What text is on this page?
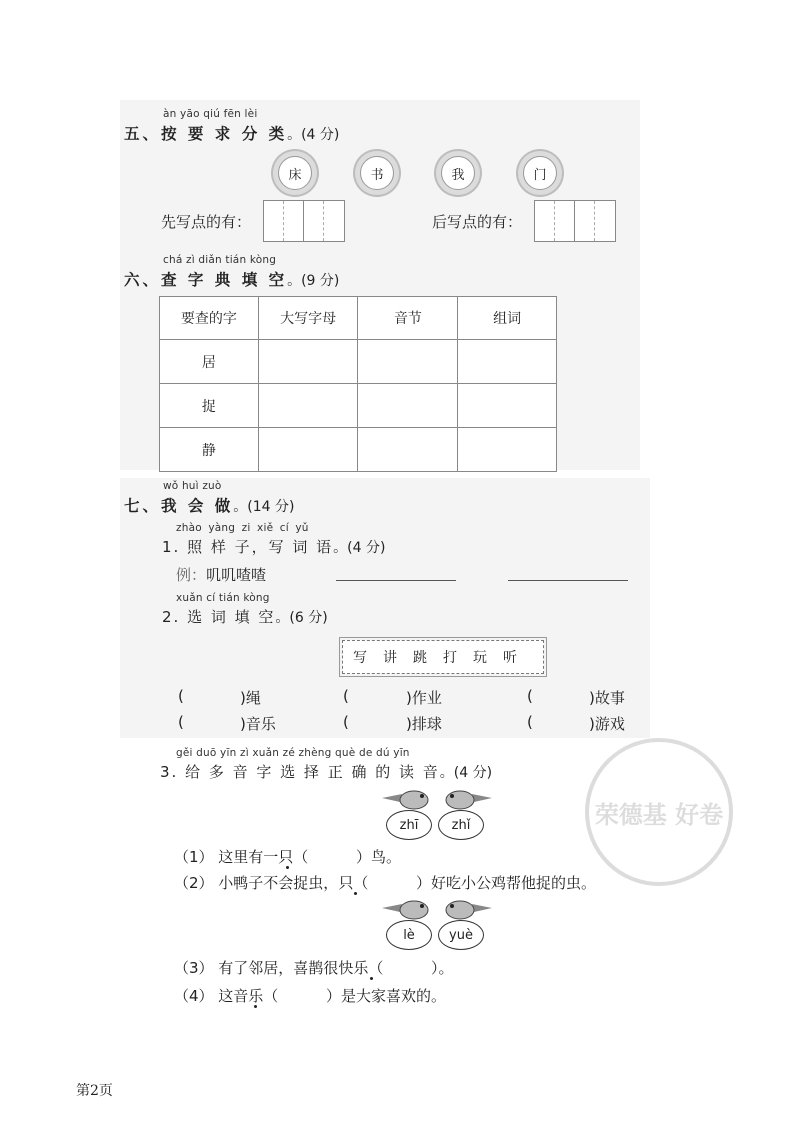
àn yāo qiú fēn lèi
五、按 要 求 分 类。(4 分)
床	书	我	门
先写点的有：	后写点的有：
chá zì diǎn tián kòng
六、查 字 典 填 空。(9 分)
要查的字	大写字母	音节	组词
居			
捉			
静			
wǒ huì zuò
七、我 会 做。(14 分)
zhào yàng zi xiě cí yǔ
1. 照 样 子，写 词 语。(4 分)
例：叽叽喳喳
xuǎn cí tián kòng
2. 选 词 填 空。(6 分)
写讲跳打玩听
(	)绳	(	)作业	(	)故事
(	)音乐	(	)排球	(	)游戏
gěi duō yīn zì xuǎn zé zhèng què de dú yīn
3. 给 多 音 字 选 择 正 确 的 读 音。(4 分)
zhī	zhǐ
（1） 这里有一只（          ）鸟。
（2） 小鸭子不会捉虫，只（          ）好吃小公鸡帮他捉的虫。
lè	yuè
（3） 有了邻居，喜鹊很快乐（          ）。
（4） 这音乐（          ）是大家喜欢的。
荣德基 好卷
第2页
